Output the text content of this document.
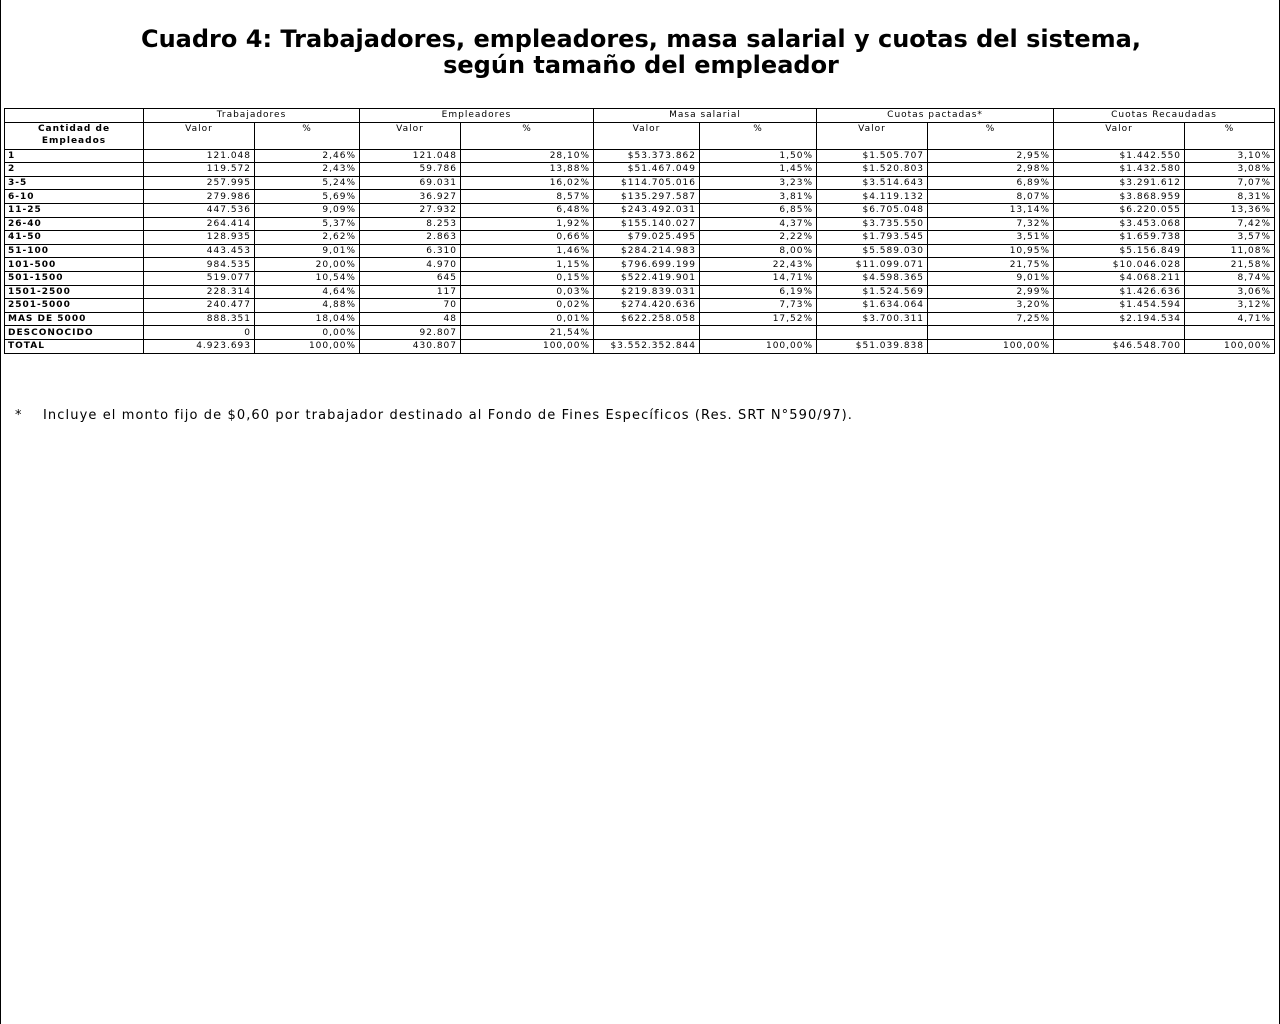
Cuadro 4: Trabajadores, empleadores, masa salarial y cuotas del sistema,
según tamaño del empleador
	Trabajadores		Empleadores		Masa salarial		Cuotas pactadas*		Cuotas Recaudadas	
Cantidad de Empleados	Valor	%	Valor	%	Valor	%	Valor	%	Valor	%
1	121.048	2,46%	121.048	28,10%	$53.373.862	1,50%	$1.505.707	2,95%	$1.442.550	3,10%
2	119.572	2,43%	59.786	13,88%	$51.467.049	1,45%	$1.520.803	2,98%	$1.432.580	3,08%
3-5	257.995	5,24%	69.031	16,02%	$114.705.016	3,23%	$3.514.643	6,89%	$3.291.612	7,07%
6-10	279.986	5,69%	36.927	8,57%	$135.297.587	3,81%	$4.119.132	8,07%	$3.868.959	8,31%
11-25	447.536	9,09%	27.932	6,48%	$243.492.031	6,85%	$6.705.048	13,14%	$6.220.055	13,36%
26-40	264.414	5,37%	8.253	1,92%	$155.140.027	4,37%	$3.735.550	7,32%	$3.453.068	7,42%
41-50	128.935	2,62%	2.863	0,66%	$79.025.495	2,22%	$1.793.545	3,51%	$1.659.738	3,57%
51-100	443.453	9,01%	6.310	1,46%	$284.214.983	8,00%	$5.589.030	10,95%	$5.156.849	11,08%
101-500	984.535	20,00%	4.970	1,15%	$796.699.199	22,43%	$11.099.071	21,75%	$10.046.028	21,58%
501-1500	519.077	10,54%	645	0,15%	$522.419.901	14,71%	$4.598.365	9,01%	$4.068.211	8,74%
1501-2500	228.314	4,64%	117	0,03%	$219.839.031	6,19%	$1.524.569	2,99%	$1.426.636	3,06%
2501-5000	240.477	4,88%	70	0,02%	$274.420.636	7,73%	$1.634.064	3,20%	$1.454.594	3,12%
MAS DE 5000	888.351	18,04%	48	0,01%	$622.258.058	17,52%	$3.700.311	7,25%	$2.194.534	4,71%
DESCONOCIDO	0	0,00%	92.807	21,54%						
TOTAL	4.923.693	100,00%	430.807	100,00%	$3.552.352.844	100,00%	$51.039.838	100,00%	$46.548.700	100,00%
* Incluye el monto fijo de $0,60 por trabajador destinado al Fondo de Fines Específicos (Res. SRT N°590/97).
